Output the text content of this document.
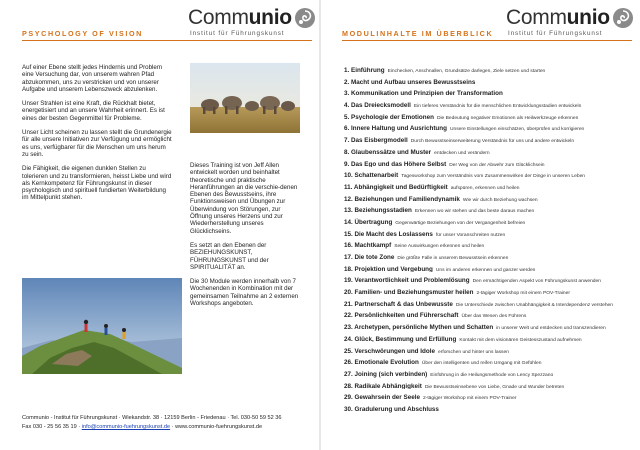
PSYCHOLOGY OF VISION
Communio
Institut für Führungskunst

Auf einer Ebene stellt jedes Hindernis und Problem eine Versuchung dar, von unserem wahren Pfad abzukommen, uns zu verstricken und von unserer Aufgabe und unserem Lebenszweck abzulenken.

Unser Strahlen ist eine Kraft, die Rückhalt bietet, energetisiert und an unsere Wahrheit erinnert. Es ist eines der besten Gegenmittel für Probleme.

Unser Licht scheinen zu lassen stellt die Grundenergie für alle unsere Initiativen zur Verfügung und ermöglicht es uns, verfügbarer für die Menschen um uns herum zu sein.

Die Fähigkeit, die eigenen dunklen Stellen zu tolerieren und zu transformieren, heisst Liebe und wird als Kernkompetenz für Führungskunst in dieser psychologisch und spirituell fundierten Weiterbildung im Mittelpunkt stehen.

Dieses Training ist von Jeff Allen entwickelt worden und beinhaltet theoretische und praktische Heranführungen an die verschie-denen Ebenen des Bewusstseins, ihre Funktionsweisen und Übungen zur Überwindung von Störungen, zur Öffnung unseres Herzens und zur Wiederherstellung unseres Glücklichseins.

Es setzt an den Ebenen der BEZIEHUNGSKUNST, FÜHRUNGSKUNST und der SPIRITUALITÄT an.

Die 30 Module werden innerhalb von 7 Wochenenden in Kombination mit der gemeinsamen Teilnahme an 2 externen Workshops angeboten.

Communio - Institut für Führungskunst · Wiekandstr. 38 · 12159 Berlin - Friedenau · Tel. 030-50 59 52 36
Fax 030 - 25 56 35 19 · info@communio-fuehrungskunst.de · www.communio-fuehrungskunst.de
MODULINHALTE IM ÜBERBLICK
Communio
Institut für Führungskunst
1. Einführung Einchecken, Anschnallen, Grundsätze darlegen, Ziele setzen und starten
2. Macht und Aufbau unseres Bewusstseins
3. Kommunikation und Prinzipien der Transformation
4. Das Dreiecksmodell Ein tieferes Verständnis für die menschlichen Entwicklungsstadien entwickeln
5. Psychologie der Emotionen Die Bedeutung negativer Emotionen als Heilwerkzeuge erkennen
6. Innere Haltung und Ausrichtung Unsere Einstellungen einschätzen, überprüfen und korrigieren
7. Das Eisbergmodell Durch Bewusstseinserweiterung Verständnis für uns und andere entwickeln
8. Glaubenssätze und Muster entdecken und verändern
9. Das Ego und das Höhere Selbst Der Weg von der Abwehr zum Glücklichsein
10. Schattenarbeit Tagesworkshop zum Verständnis vom Zusammenwirken der Dinge in unseren Leben
11. Abhängigkeit und Bedürftigkeit aufspüren, erkennen und heilen
12. Beziehungen und Familiendynamik Wie wir durch Beziehung wachsen
13. Beziehungsstadien Erkennen wo wir stehen und das beste daraus machen
14. Übertragung Gegenwärtige Beziehungen von der Vergangenheit befreien
15. Die Macht des Loslassens für unser Voranschreiten nutzen
16. Machtkampf Seine Auswirkungen erkennen und heilen
17. Die tote Zone Die größte Falle in unserem Bewusstsein erkennen
18. Projektion und Vergebung Uns im anderen erkennen und ganzer werden
19. Verantwortlichkeit und Problemlösung Den ermächtigenden Aspekt von Führungskunst anwenden
20. Familien- und Beziehungsmuster heilen 2-tägiger Workshop mit einem POV-Trainer
21. Partnerschaft & das Unbewusste Die Unterschiede zwischen Unabhängigkeit & Interdependenz verstehen
22. Persönlichkeiten und Führerschaft Über das Wesen des Führens
23. Archetypen, persönliche Mythen und Schatten in unserer Welt und entdecken und transzendieren
24. Glück, Bestimmung und Erfüllung Kontakt mit dem visionären Geistesszustand aufnehmen
25. Verschwörungen und Idole erforschen und hinter uns lassen
26. Emotionale Evolution Über den intelligenten und reifen Umgang mit Gefühlen
27. Joining (sich verbinden) Einführung in die Heilungsmethode von Lency Spezzano
28. Radikale Abhängigkeit Die Bewusstseinsebene von Liebe, Gnade und Wunder betreten
29. Gewahrsein der Seele 2-tägiger Workshop mit einem POV-Trainer
30. Gradulerung und Abschluss
